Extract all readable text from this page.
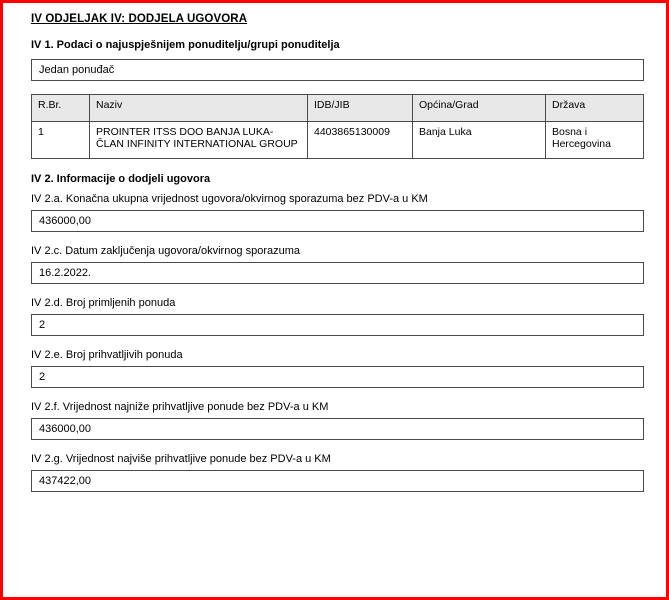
IV ODJELJAK IV: DODJELA UGOVORA
IV 1. Podaci o najuspješnijem ponuditelju/grupi ponuditelja
Jedan ponuđač
R.Br.	Naziv	IDB/JIB	Općina/Grad	Država
1	PROINTER ITSS DOO BANJA LUKA-ČLAN INFINITY INTERNATIONAL GROUP	4403865130009	Banja Luka	Bosna i Hercegovina
IV 2. Informacije o dodjeli ugovora
IV 2.a. Konačna ukupna vrijednost ugovora/okvirnog sporazuma bez PDV-a u KM
436000,00
IV 2.c. Datum zaključenja ugovora/okvirnog sporazuma
16.2.2022.
IV 2.d. Broj primljenih ponuda
2
IV 2.e. Broj prihvatljivih ponuda
2
IV 2.f. Vrijednost najniže prihvatljive ponude bez PDV-a u KM
436000,00
IV 2.g. Vrijednost najviše prihvatljive ponude bez PDV-a u KM
437422,00
